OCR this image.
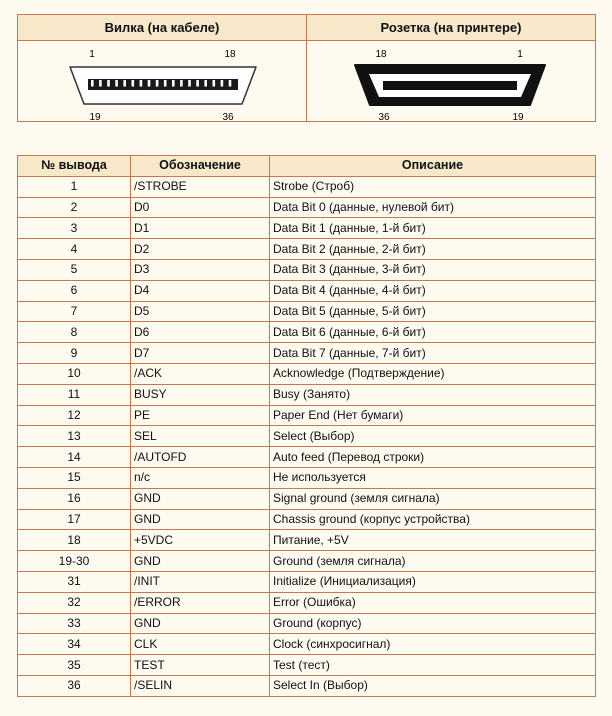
Вилка (на кабеле)	Розетка (на принтере)

1 18
19 36	18 1
36 19
№ вывода	Обозначение	Описание
1	/STROBE	Strobe (Строб)
2	D0	Data Bit 0 (данные, нулевой бит)
3	D1	Data Bit 1 (данные, 1-й бит)
4	D2	Data Bit 2 (данные, 2-й бит)
5	D3	Data Bit 3 (данные, 3-й бит)
6	D4	Data Bit 4 (данные, 4-й бит)
7	D5	Data Bit 5 (данные, 5-й бит)
8	D6	Data Bit 6 (данные, 6-й бит)
9	D7	Data Bit 7 (данные, 7-й бит)
10	/ACK	Acknowledge (Подтверждение)
11	BUSY	Busy (Занято)
12	PE	Paper End (Нет бумаги)
13	SEL	Select (Выбор)
14	/AUTOFD	Auto feed (Перевод строки)
15	n/c	Не используется
16	GND	Signal ground (земля сигнала)
17	GND	Chassis ground (корпус устройства)
18	+5VDC	Питание, +5V
19-30	GND	Ground (земля сигнала)
31	/INIT	Initialize (Инициализация)
32	/ERROR	Error (Ошибка)
33	GND	Ground (корпус)
34	CLK	Clock (синхросигнал)
35	TEST	Test (тест)
36	/SELIN	Select In (Выбор)
